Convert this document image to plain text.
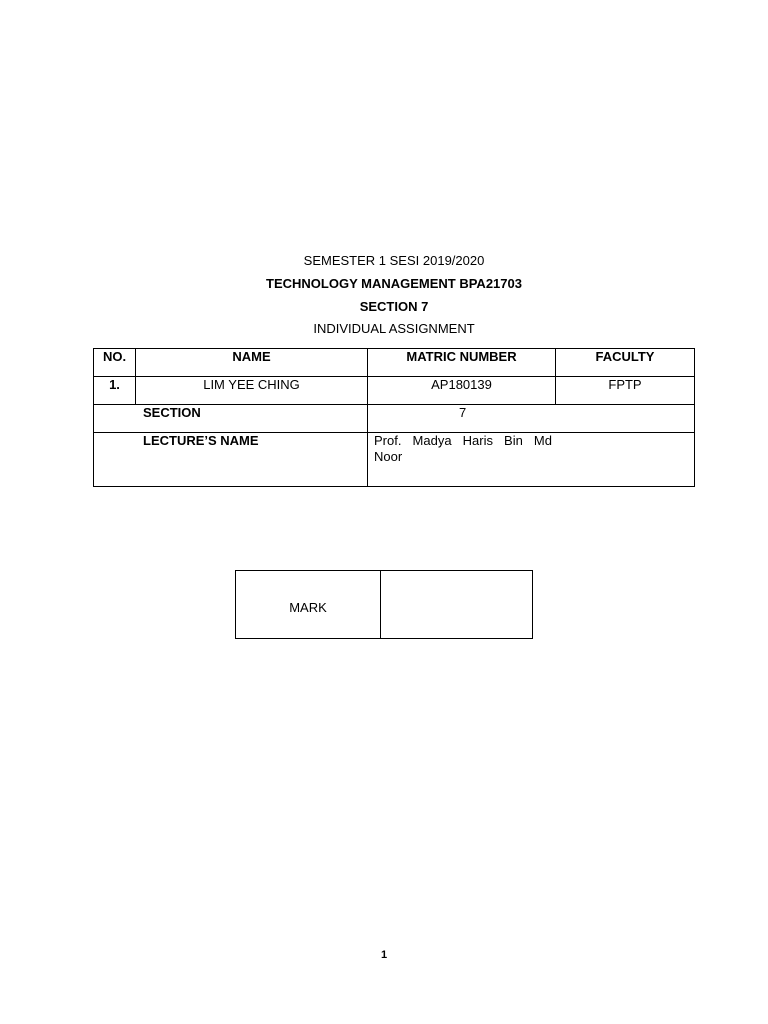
SEMESTER 1 SESI 2019/2020
TECHNOLOGY MANAGEMENT BPA21703
SECTION 7
INDIVIDUAL ASSIGNMENT
NO.	NAME	MATRIC NUMBER	FACULTY
1.	LIM YEE CHING	AP180139	FPTP
SECTION		7	

LECTURE’S NAME		Prof. Madya Haris Bin Md Noor	
MARK	
1
